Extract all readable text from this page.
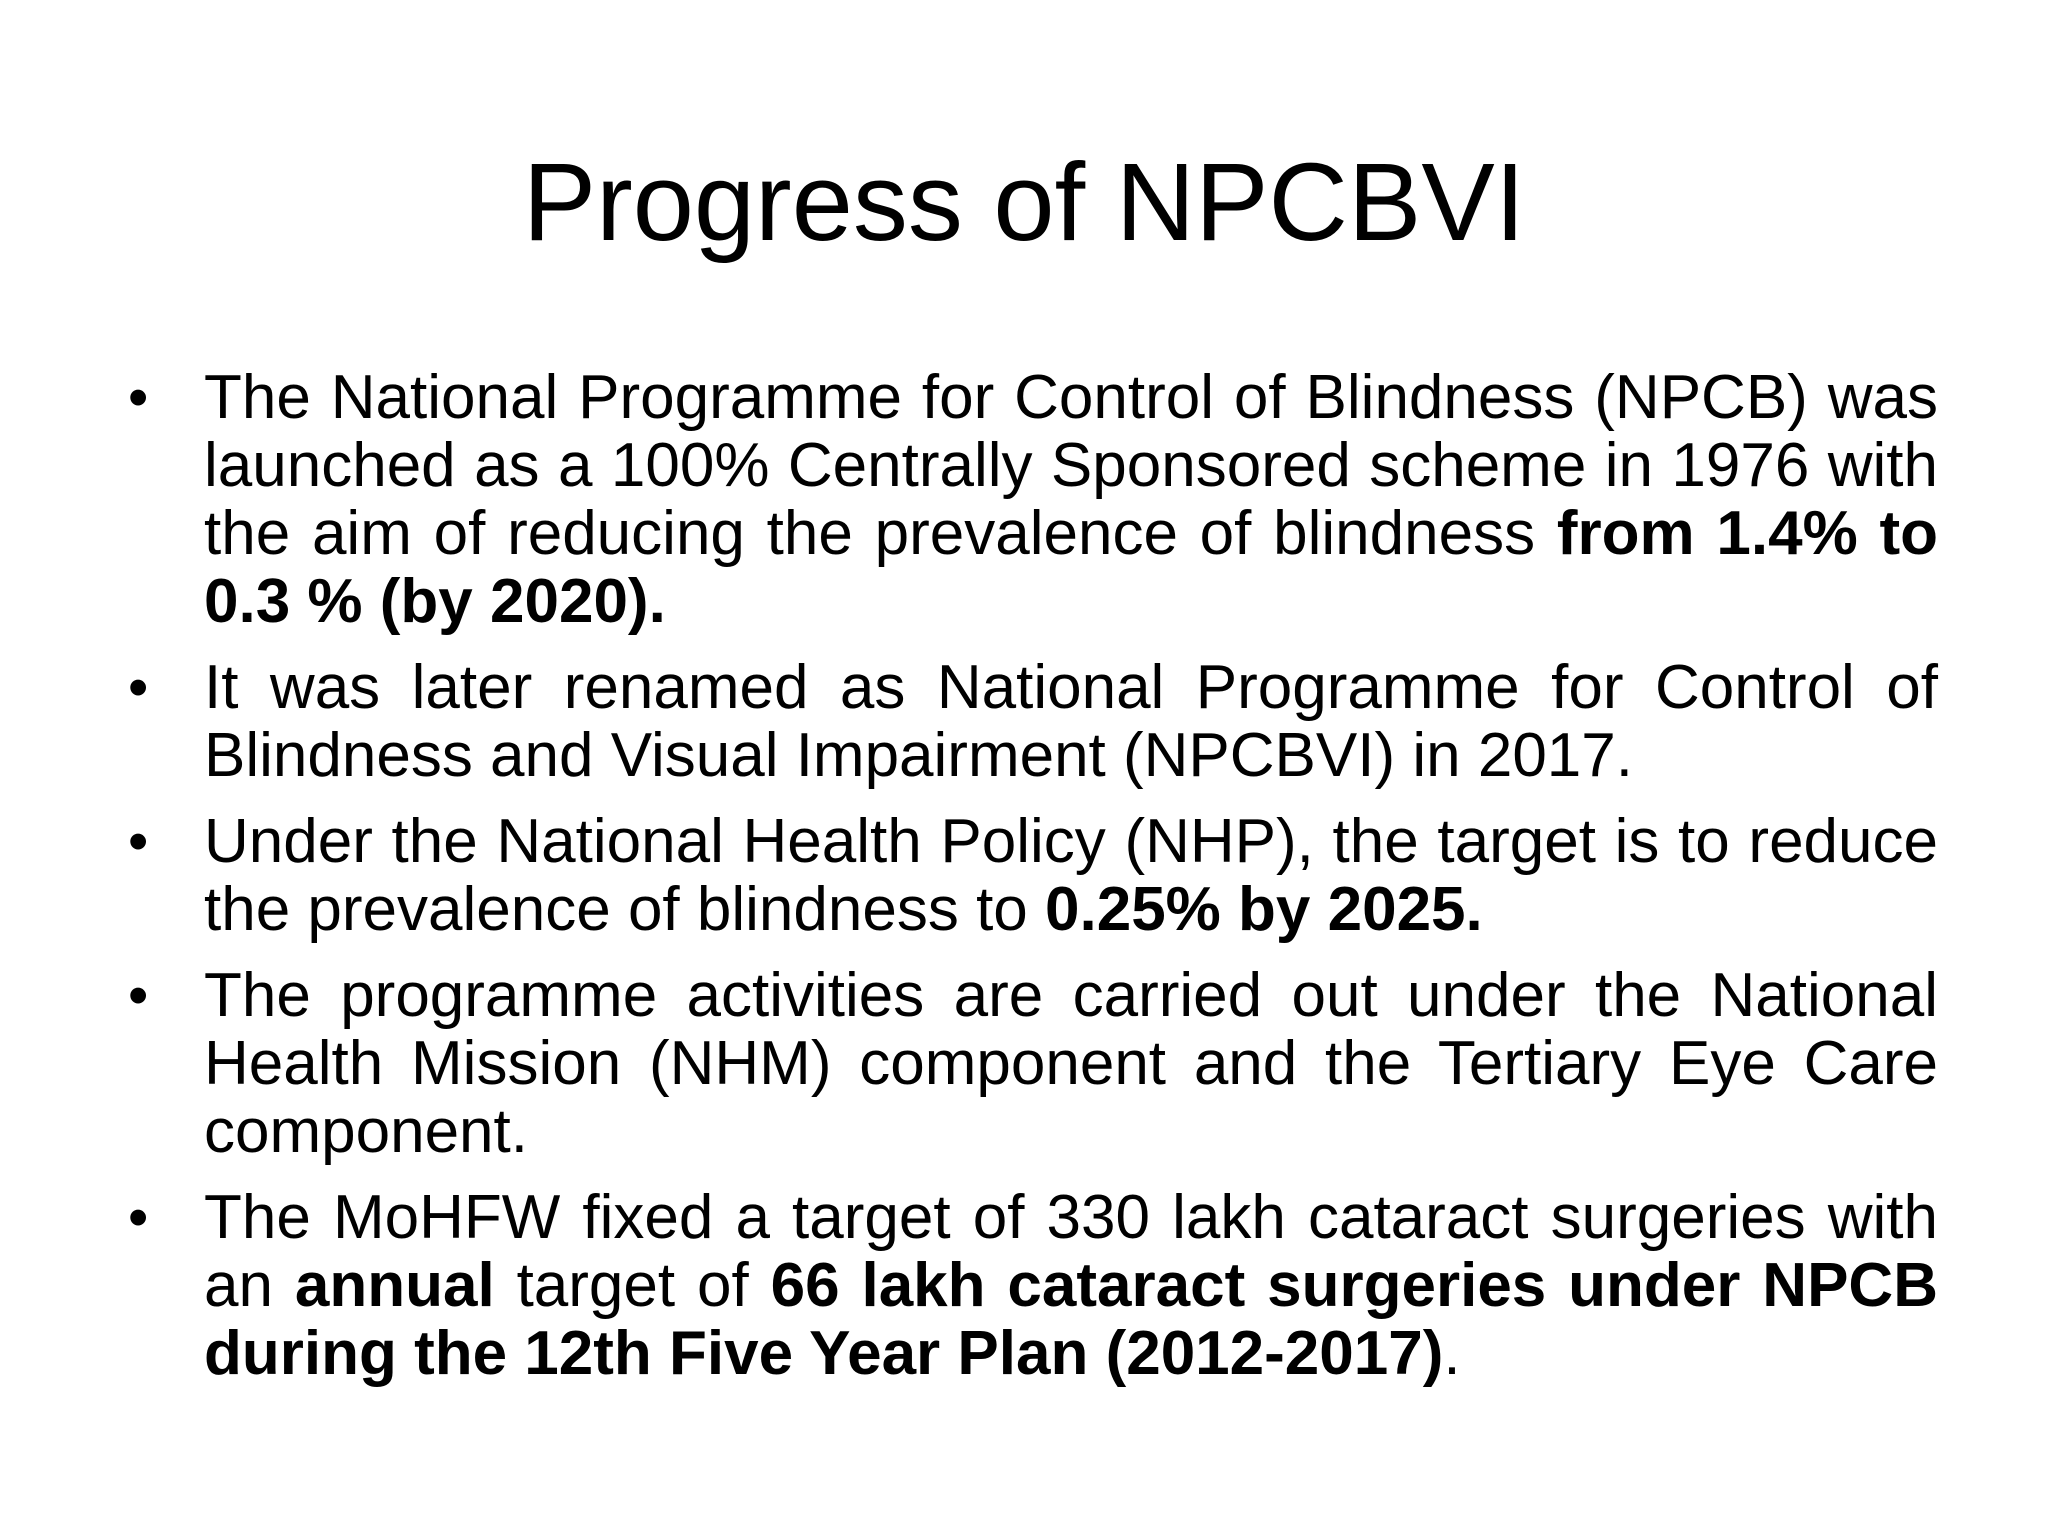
Progress of NPCBVI
• The National Programme for Control of Blindness (NPCB) was launched as a 100% Centrally Sponsored scheme in 1976 with the aim of reducing the prevalence of blindness from 1.4% to 0.3 % (by 2020).
• It was later renamed as National Programme for Control of Blindness and Visual Impairment (NPCBVI) in 2017.
• Under the National Health Policy (NHP), the target is to reduce the prevalence of blindness to 0.25% by 2025.
• The programme activities are carried out under the National Health Mission (NHM) component and the Tertiary Eye Care component.
• The MoHFW fixed a target of 330 lakh cataract surgeries with an annual target of 66 lakh cataract surgeries under NPCB during the 12th Five Year Plan (2012-2017).
